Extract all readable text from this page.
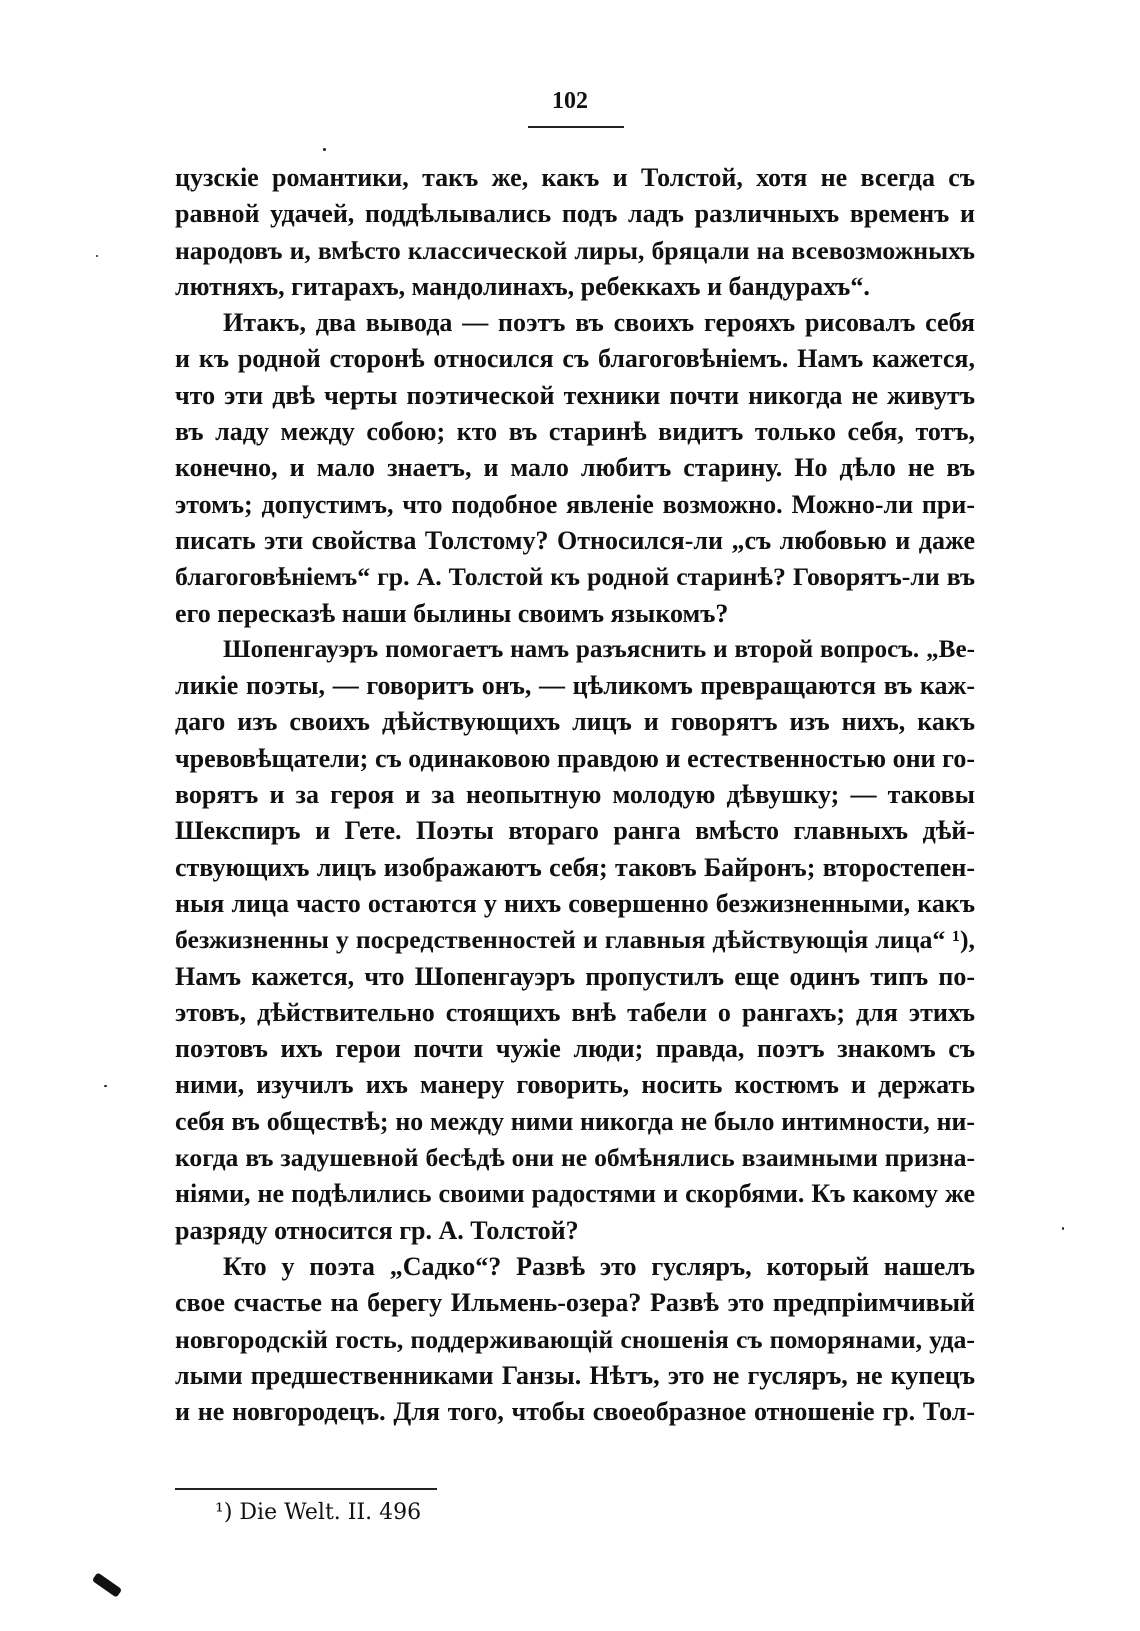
102
цузскіе романтики, такъ же, какъ и Толстой, хотя не всегда съ
равной удачей, поддѣлывались подъ ладъ различныхъ временъ и
народовъ и, вмѣсто классической лиры, бряцали на всевозможныхъ
лютняхъ, гитарахъ, мандолинахъ, ребеккахъ и бандурахъ“.
Итакъ, два вывода — поэтъ въ своихъ герояхъ рисовалъ себя
и къ родной сторонѣ относился съ благоговѣніемъ. Намъ кажется,
что эти двѣ черты поэтической техники почти никогда не живутъ
въ ладу между собою; кто въ старинѣ видитъ только себя, тотъ,
конечно, и мало знаетъ, и мало любитъ старину. Но дѣло не въ
этомъ; допустимъ, что подобное явленіе возможно. Можно-ли при-
писать эти свойства Толстому? Относился-ли „съ любовью и даже
благоговѣніемъ“ гр. А. Толстой къ родной старинѣ? Говорятъ-ли въ
его пересказѣ наши былины своимъ языкомъ?
Шопенгауэръ помогаетъ намъ разъяснить и второй вопросъ. „Ве-
ликіе поэты, — говоритъ онъ, — цѣликомъ превращаются въ каж-
даго изъ своихъ дѣйствующихъ лицъ и говорятъ изъ нихъ, какъ
чревовѣщатели; съ одинаковою правдою и естественностью они го-
ворятъ и за героя и за неопытную молодую дѣвушку; — таковы
Шекспиръ и Гете. Поэты втораго ранга вмѣсто главныхъ дѣй-
ствующихъ лицъ изображаютъ себя; таковъ Байронъ; второстепен-
ныя лица часто остаются у нихъ совершенно безжизненными, какъ
безжизненны у посредственностей и главныя дѣйствующія лица“ ¹),
Намъ кажется, что Шопенгауэръ пропустилъ еще одинъ типъ по-
этовъ, дѣйствительно стоящихъ внѣ табели о рангахъ; для этихъ
поэтовъ ихъ герои почти чужіе люди; правда, поэтъ знакомъ съ
ними, изучилъ ихъ манеру говорить, носить костюмъ и держать
себя въ обществѣ; но между ними никогда не было интимности, ни-
когда въ задушевной бесѣдѣ они не обмѣнялись взаимными призна-
ніями, не подѣлились своими радостями и скорбями. Къ какому же
разряду относится гр. А. Толстой?
Кто у поэта „Садко“? Развѣ это гусляръ, который нашелъ
свое счастье на берегу Ильмень-озера? Развѣ это предпріимчивый
новгородскій гость, поддерживающій сношенія съ поморянами, уда-
лыми предшественниками Ганзы. Нѣтъ, это не гусляръ, не купецъ
и не новгородецъ. Для того, чтобы своеобразное отношеніе гр. Тол-
¹) Die Welt. II. 496
